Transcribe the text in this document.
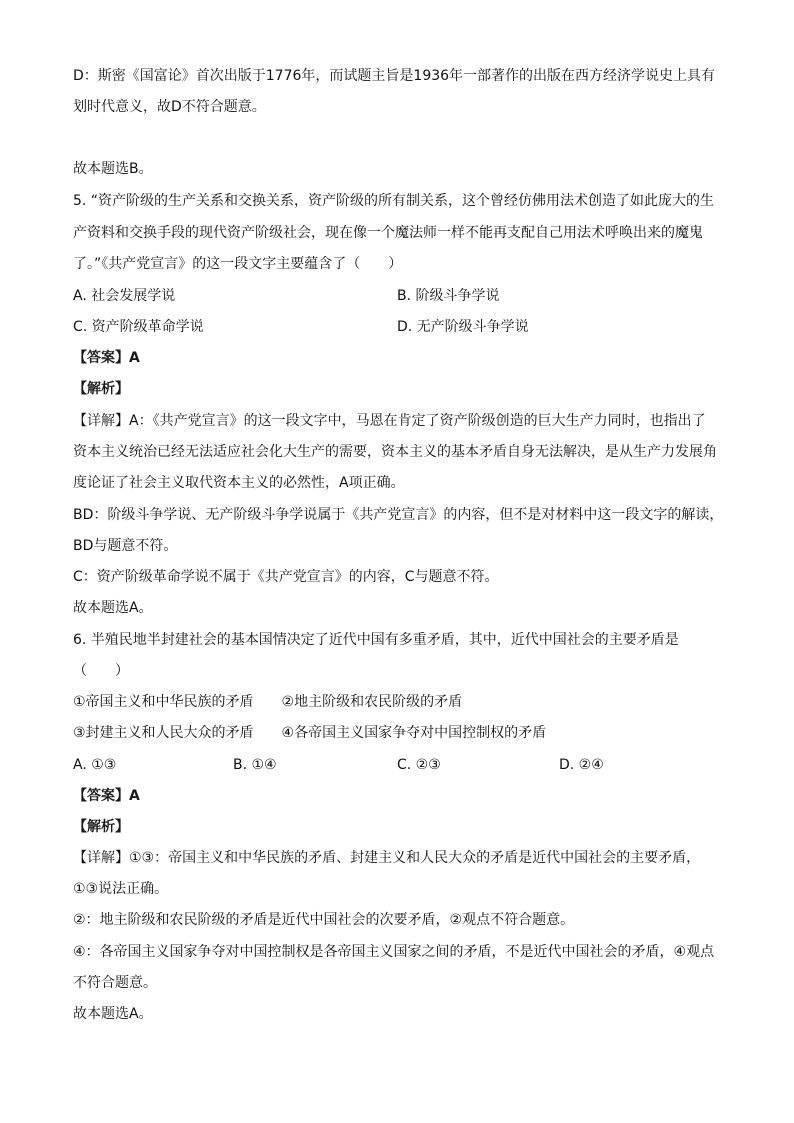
D：斯密《国富论》首次出版于1776年，而试题主旨是1936年一部著作的出版在西方经济学说史上具有
划时代意义，故D不符合题意。
故本题选B。
5. “资产阶级的生产关系和交换关系，资产阶级的所有制关系，这个曾经仿佛用法术创造了如此庞大的生
产资料和交换手段的现代资产阶级社会，现在像一个魔法师一样不能再支配自己用法术呼唤出来的魔鬼
了。”《共产党宣言》的这一段文字主要蕴含了（　　）
A. 社会发展学说	B. 阶级斗争学说
C. 资产阶级革命学说	D. 无产阶级斗争学说
【答案】A
【解析】
【详解】A：《共产党宣言》的这一段文字中，马恩在肯定了资产阶级创造的巨大生产力同时，也指出了
资本主义统治已经无法适应社会化大生产的需要，资本主义的基本矛盾自身无法解决，是从生产力发展角
度论证了社会主义取代资本主义的必然性，A项正确。
BD：阶级斗争学说、无产阶级斗争学说属于《共产党宣言》的内容，但不是对材料中这一段文字的解读，
BD与题意不符。
C：资产阶级革命学说不属于《共产党宣言》的内容，C与题意不符。
故本题选A。
6. 半殖民地半封建社会的基本国情决定了近代中国有多重矛盾，其中，近代中国社会的主要矛盾是
（　　）
①帝国主义和中华民族的矛盾　　②地主阶级和农民阶级的矛盾
③封建主义和人民大众的矛盾　　④各帝国主义国家争夺对中国控制权的矛盾
A. ①③	B. ①④	C. ②③	D. ②④
【答案】A
【解析】
【详解】①③：帝国主义和中华民族的矛盾、封建主义和人民大众的矛盾是近代中国社会的主要矛盾，
①③说法正确。
②：地主阶级和农民阶级的矛盾是近代中国社会的次要矛盾，②观点不符合题意。
④：各帝国主义国家争夺对中国控制权是各帝国主义国家之间的矛盾，不是近代中国社会的矛盾，④观点
不符合题意。
故本题选A。
